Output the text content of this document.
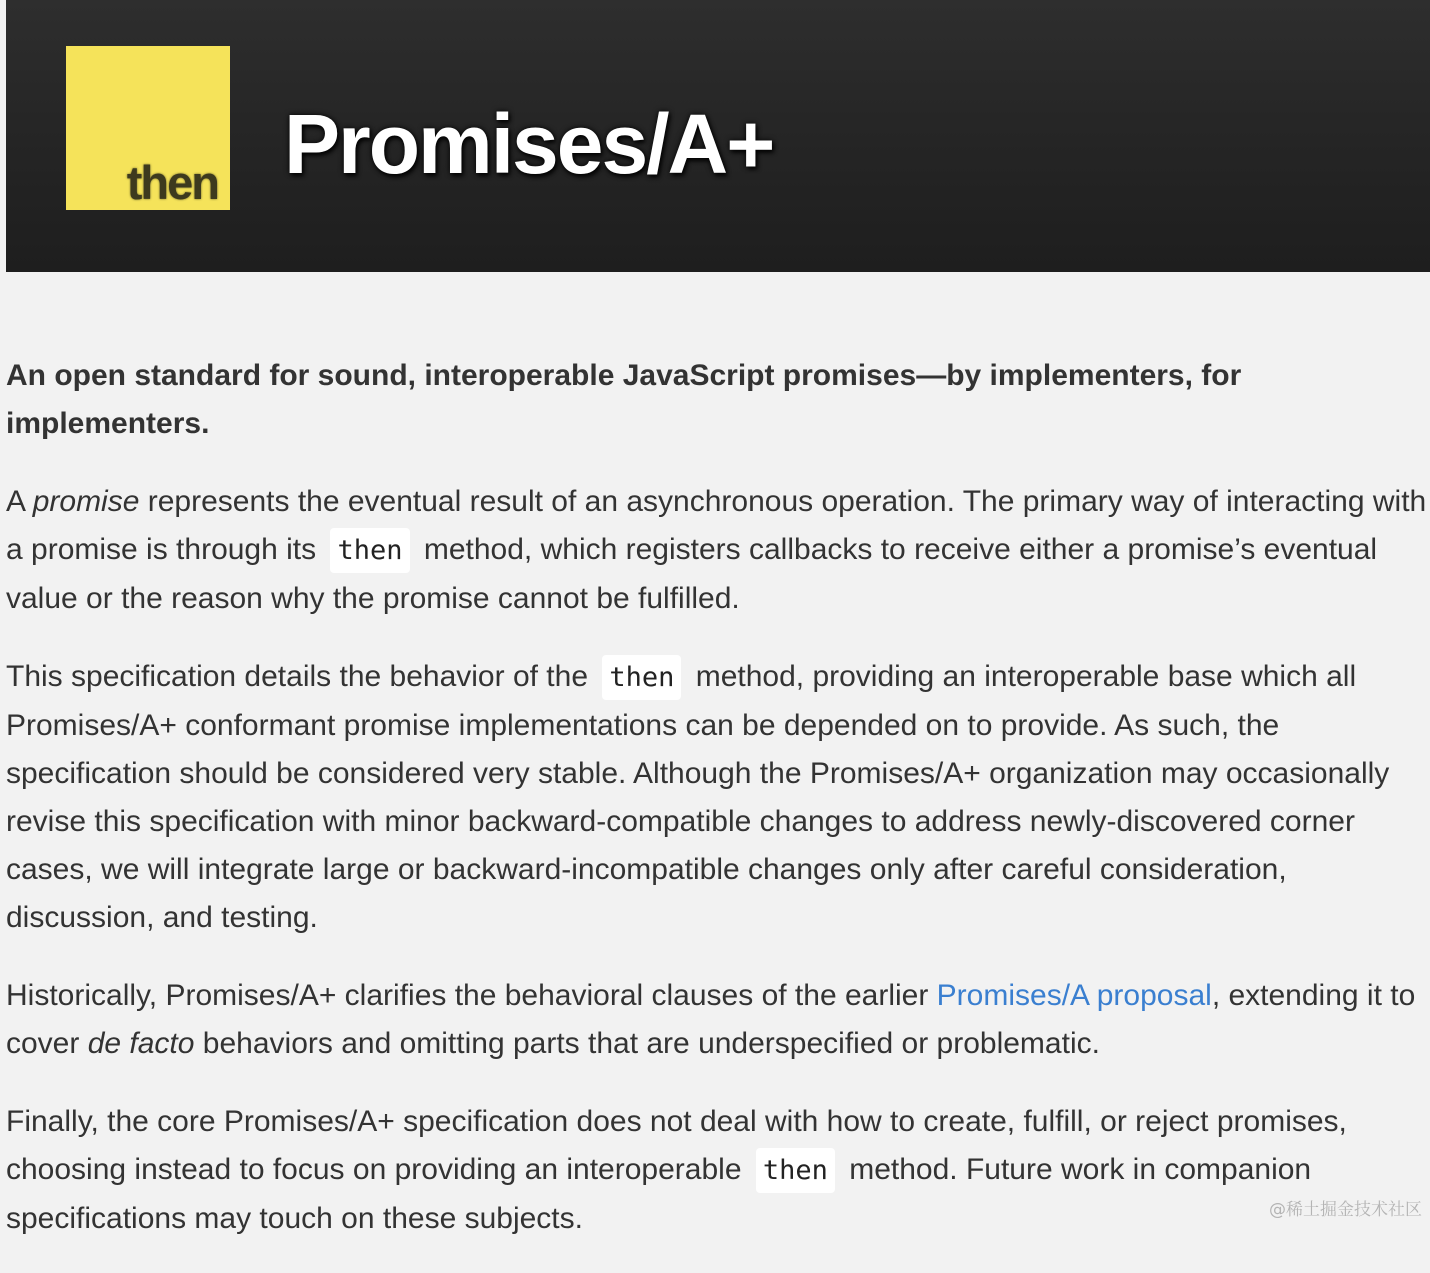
then Promises/A+

An open standard for sound, interoperable JavaScript promises—by implementers, for implementers.

A promise represents the eventual result of an asynchronous operation. The primary way of interacting with a promise is through its then method, which registers callbacks to receive either a promise’s eventual value or the reason why the promise cannot be fulfilled.

This specification details the behavior of the then method, providing an interoperable base which all Promises/A+ conformant promise implementations can be depended on to provide. As such, the specification should be considered very stable. Although the Promises/A+ organization may occasionally revise this specification with minor backward-compatible changes to address newly-discovered corner cases, we will integrate large or backward-incompatible changes only after careful consideration, discussion, and testing.

Historically, Promises/A+ clarifies the behavioral clauses of the earlier Promises/A proposal, extending it to cover de facto behaviors and omitting parts that are underspecified or problematic.

Finally, the core Promises/A+ specification does not deal with how to create, fulfill, or reject promises, choosing instead to focus on providing an interoperable then method. Future work in companion specifications may touch on these subjects.	@稀土掘金技术社区
